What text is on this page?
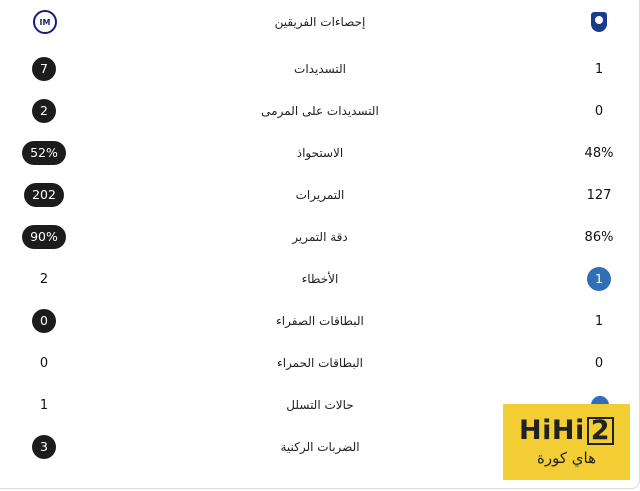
IM	إحصاءات الفريقين
7	التسديدات	1
2	التسديدات على المرمى	0
52%	الاستحواذ	48%
202	التمريرات	127
90%	دقة التمرير	86%
2	الأخطاء	1
0	البطاقات الصفراء	1
0	البطاقات الحمراء	0
1	حالات التسلل
3	الضربات الركنية
HiHi 2
هاي كورة
